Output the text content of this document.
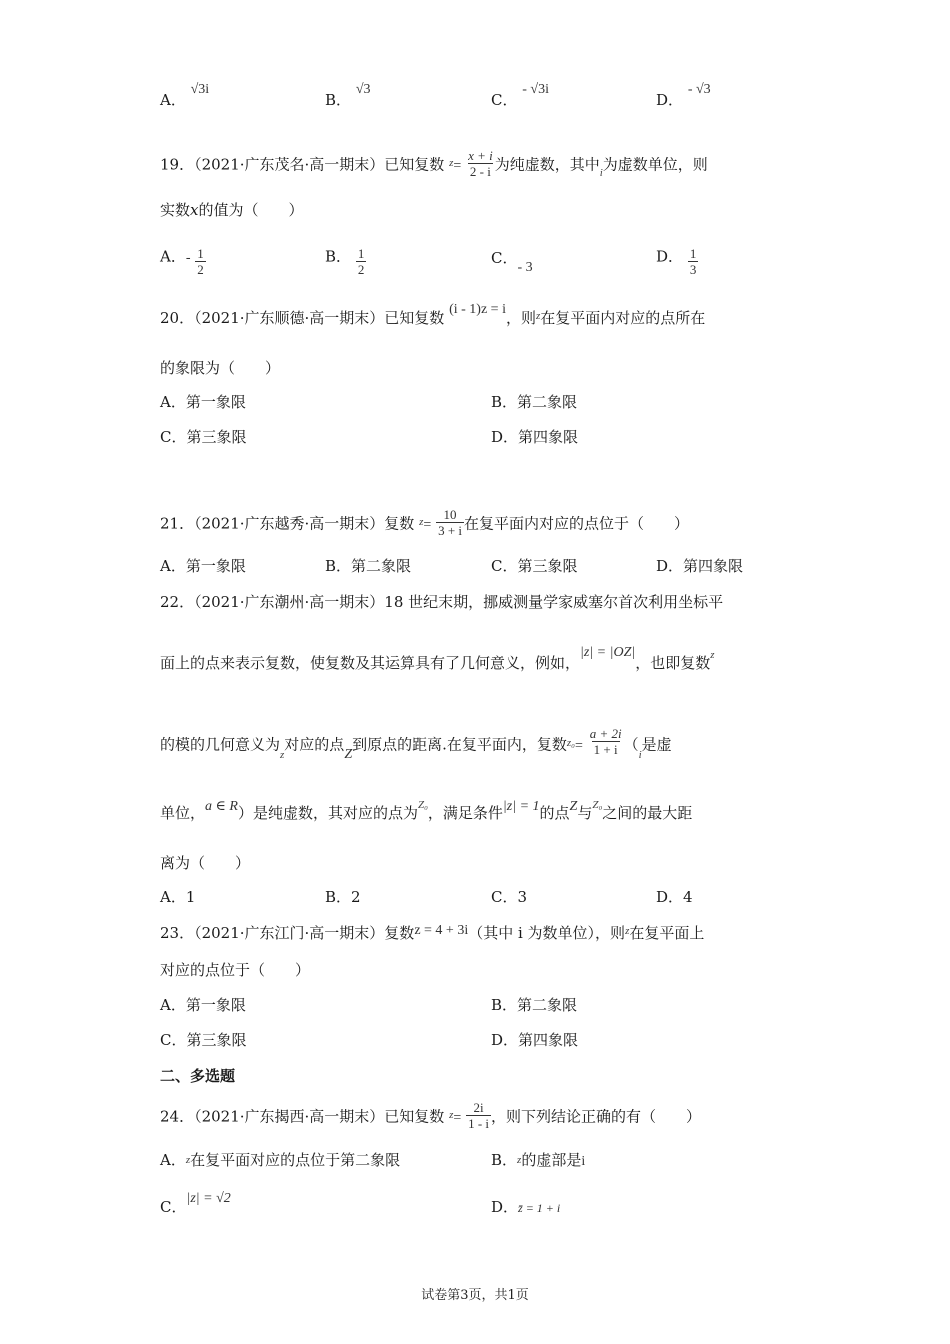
A． √3i
B． √3
C． - √3i
D． - √3
19．（2021·广东茂名·高一期末）已知复数 $^z= \frac{x + i}{2 - i}$ 为纯虚数，其中$_i$为虚数单位，则
实数x的值为（　　）
A．- $\frac{1}{2}$	B． $\frac{1}{2}$	C．- 3
D． $\frac{1}{3}$
20．（2021·广东顺德·高一期末）已知复数 (i - 1)z = i，则$^z$在复平面内对应的点所在
的象限为（　　）
A．第一象限	B．第二象限
C．第三象限	D．第四象限
21．（2021·广东越秀·高一期末）复数 $^z= \frac{10}{3 + i}$ 在复平面内对应的点位于（　　）
A．第一象限	B．第二象限	C．第三象限	D．第四象限
22．（2021·广东潮州·高一期末）18 世纪末期，挪威测量学家威塞尔首次利用坐标平
面上的点来表示复数，使复数及其运算具有了几何意义，例如，|z| = |OZ|，也即复数$^z$
的模的几何意义为$_z$对应的点Z到原点的距离.在复平面内，复数$^{z_0}= \frac{a + 2i}{1 + i} (_i$是虚
单位，a ∈ R）是纯虚数，其对应的点为$^{Z_0}$，满足条件|z| = 1的点Z与$^{Z_0}$之间的最大距
离为（　　）
A．1	B．2	C．3	D．4
23．（2021·广东江门·高一期末）复数z = 4 + 3i（其中 i 为数单位），则$^z$在复平面上
对应的点位于（　　）
A．第一象限	B．第二象限
C．第三象限	D．第四象限
二、多选题
24．（2021·广东揭西·高一期末）已知复数 $^z= \frac{2i}{1 - i}$ ，则下列结论正确的有（　　）
A．z在复平面对应的点位于第二象限	B．z的虚部是i
C．|z| = √2	D．z̄ = 1 + i
试卷第3页，共1页
